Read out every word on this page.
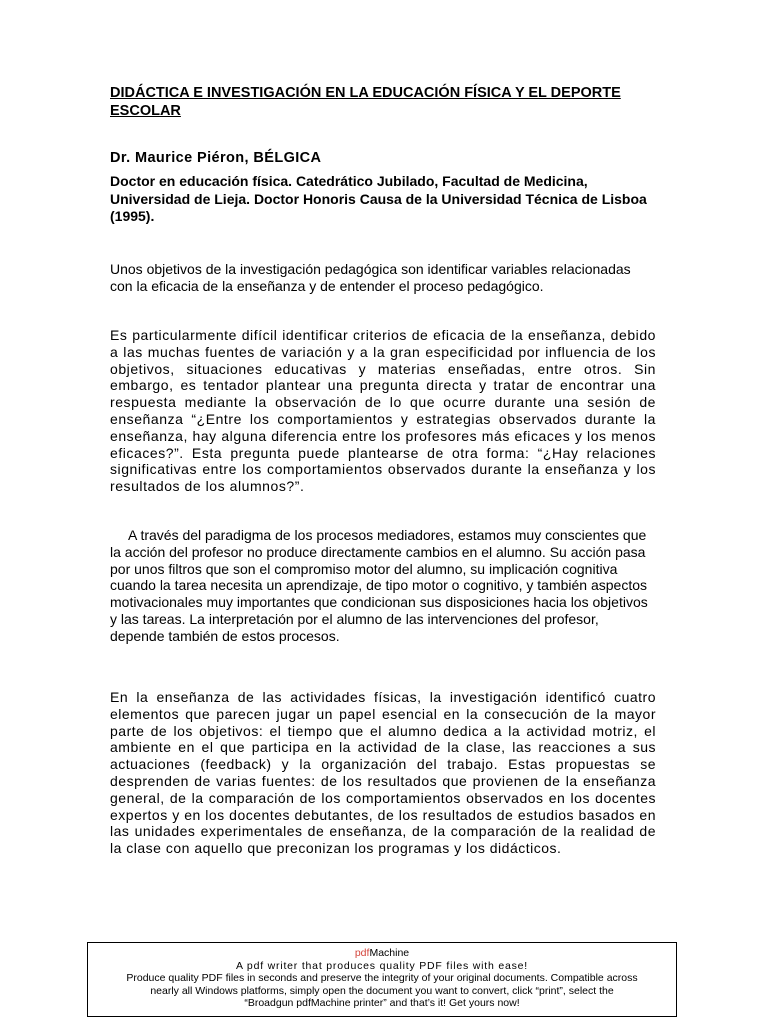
DIDÁCTICA E INVESTIGACIÓN EN LA EDUCACIÓN FÍSICA Y EL DEPORTE ESCOLAR

Dr. Maurice Piéron, BÉLGICA

Doctor en educación física. Catedrático Jubilado, Facultad de Medicina, Universidad de Lieja. Doctor Honoris Causa de la Universidad Técnica de Lisboa (1995).

Unos objetivos de la investigación pedagógica son identificar variables relacionadas con la eficacia de la enseñanza y de entender el proceso pedagógico.

Es particularmente difícil identificar criterios de eficacia de la enseñanza, debido a las muchas fuentes de variación y a la gran especificidad por influencia de los objetivos, situaciones educativas y materias enseñadas, entre otros. Sin embargo, es tentador plantear una pregunta directa y tratar de encontrar una respuesta mediante la observación de lo que ocurre durante una sesión de enseñanza “¿Entre los comportamientos y estrategias observados durante la enseñanza, hay alguna diferencia entre los profesores más eficaces y los menos eficaces?”. Esta pregunta puede plantearse de otra forma: “¿Hay relaciones significativas entre los comportamientos observados durante la enseñanza y los resultados de los alumnos?”.

A través del paradigma de los procesos mediadores, estamos muy conscientes que la acción del profesor no produce directamente cambios en el alumno. Su acción pasa por unos filtros que son el compromiso motor del alumno, su implicación cognitiva cuando la tarea necesita un aprendizaje, de tipo motor o cognitivo, y también aspectos motivacionales muy importantes que condicionan sus disposiciones hacia los objetivos y las tareas. La interpretación por el alumno de las intervenciones del profesor, depende también de estos procesos.

En la enseñanza de las actividades físicas, la investigación identificó cuatro elementos que parecen jugar un papel esencial en la consecución de la mayor parte de los objetivos: el tiempo que el alumno dedica a la actividad motriz, el ambiente en el que participa en la actividad de la clase, las reacciones a sus actuaciones (feedback) y la organización del trabajo. Estas propuestas se desprenden de varias fuentes: de los resultados que provienen de la enseñanza general, de la comparación de los comportamientos observados en los docentes expertos y en los docentes debutantes, de los resultados de estudios basados en las unidades experimentales de enseñanza, de la comparación de la realidad de la clase con aquello que preconizan los programas y los didácticos.

pdfMachine
A pdf writer that produces quality PDF files with ease!
Produce quality PDF files in seconds and preserve the integrity of your original documents. Compatible across
nearly all Windows platforms, simply open the document you want to convert, click “print”, select the
“Broadgun pdfMachine printer” and that’s it! Get yours now!
